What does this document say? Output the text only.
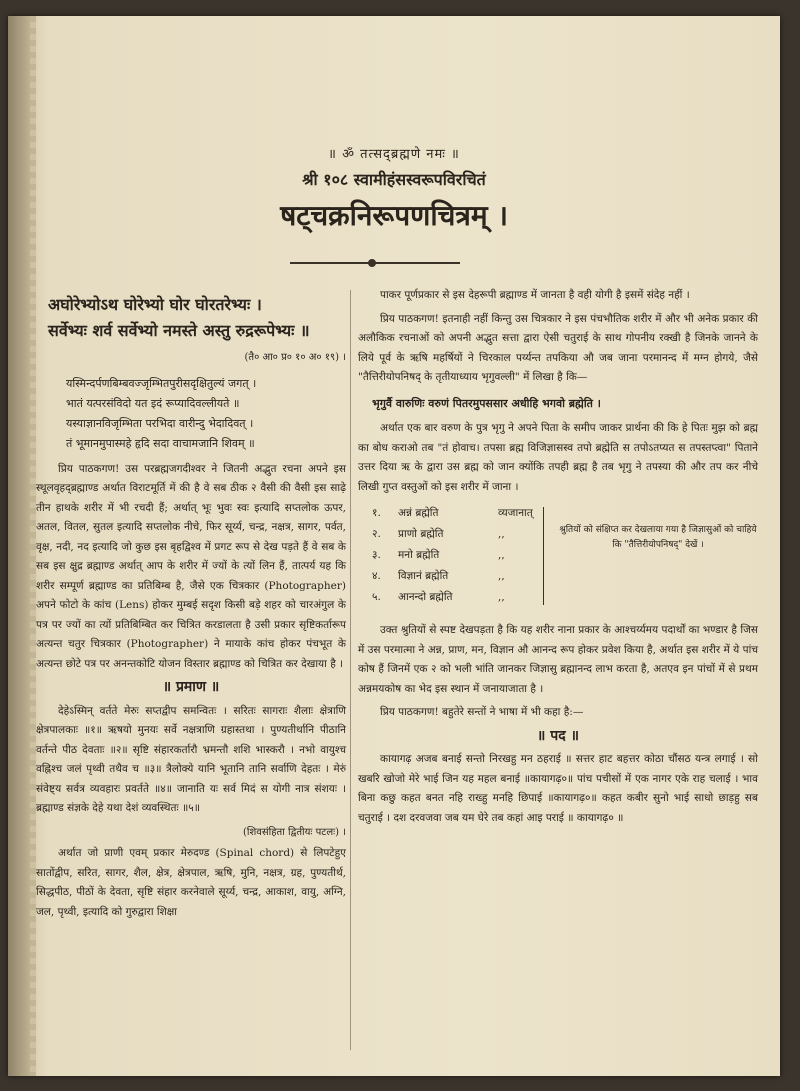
॥ ॐ तत्सद्ब्रह्मणे नमः ॥
श्री १०८ स्वामीहंसस्वरूपविरचितं
षट्चक्रनिरूपणचित्रम् ।
अघोरेभ्योऽथ घोरेभ्यो घोर घोरतरेभ्यः ।
सर्वेभ्यः शर्व सर्वेभ्यो नमस्ते अस्तु रुद्ररूपेभ्यः ॥
(तै० आ० प्र० १० अ० १९) ।
यस्मिन्दर्पणबिम्बवज्जृम्भितपुरीसदृक्षितुल्यं जगत् ।
भातं यत्परसंविदो यत इदं रूप्यादिवल्लीयते ॥
यस्याज्ञानविजृम्भिता परभिदा वारीन्दु भेदादिवत् ।
तं भूमानमुपास्महे हृदि सदा वाचामजानि शिवम् ॥

प्रिय पाठकगण! उस परब्रह्मजगदीश्वर ने जितनी अद्भुत रचना अपने इस स्थूलवृहद्ब्रह्माण्ड अर्थात विराटमूर्ति में की है वे सब ठीक २ वैसी की वैसी इस साढ़े तीन हाथके शरीर में भी रचदी हैं; अर्थात् भूः भुवः स्वः इत्यादि सप्तलोक ऊपर, अतल, वितल, सुतल इत्यादि सप्तलोक नीचे, फिर सूर्य्य, चन्द्र, नक्षत्र, सागर, पर्वत, वृक्ष, नदी, नद इत्यादि जो कुछ इस बृहद्विश्व में प्रगट रूप से देख पड़ते हैं वे सब के सब इस क्षुद्र ब्रह्माण्ड अर्थात् आप के शरीर में ज्यों के त्यों लिन हैं, तात्पर्य यह कि शरीर सम्पूर्ण ब्रह्माण्ड का प्रतिबिम्ब है, जैसे एक चित्रकार (Photographer) अपने फोटो के कांच (Lens) होकर मुम्बई सदृश किसी बड़े शहर को चारअंगुल के पत्र पर ज्यों का त्यों प्रतिबिम्बित कर चित्रित करडालता है उसी प्रकार सृष्टिकर्तारूप अत्यन्त चतुर चित्रकार (Photographer) ने मायाके कांच होकर पंचभूत के अत्यन्त छोटे पत्र पर अनन्तकोटि योजन विस्तार ब्रह्माण्ड को चित्रित कर देखाया है ।

॥ प्रमाण ॥

देहेऽस्मिन् वर्तते मेरुः सप्तद्वीप समन्वितः । सरितः सागराः शैलाः क्षेत्राणि क्षेत्रपालकाः ॥१॥ ऋषयो मुनयः सर्वे नक्षत्राणि ग्रहास्तथा । पुण्यतीर्थानि पीठानि वर्तन्ते पीठ देवताः ॥२॥ सृष्टि संहारकर्तारौ भ्रमन्तौ शशि भास्करौ । नभो वायुश्च वह्निश्च जलं पृथ्वी तथैव च ॥३॥ त्रैलोक्ये यानि भूतानि तानि सर्वाणि देहतः । मेरुं संवेष्ट्य सर्वत्र व्यवहारः प्रवर्तते ॥४॥ जानाति यः सर्व मिदं स योगी नात्र संशयः । ब्रह्माण्ड संज्ञके देहे यथा देशं व्यवस्थितः ॥५॥

(शिवसंहिता द्वितीयः पटलः) ।

अर्थात जो प्राणी एवम् प्रकार मेरुदण्ड (Spinal chord) से लिपटेहुए सातोंद्वीप, सरित, सागर, शैल, क्षेत्र, क्षेत्रपाल, ऋषि, मुनि, नक्षत्र, ग्रह, पुण्यतीर्थ, सिद्धपीठ, पीठों के देवता, सृष्टि संहार करनेवाले सूर्य्य, चन्द्र, आकाश, वायु, अग्नि, जल, पृथ्वी, इत्यादि को गुरुद्वारा शिक्षा

पाकर पूर्णप्रकार से इस देहरूपी ब्रह्माण्ड में जानता है वही योगी है इसमें संदेह नहीं ।

प्रिय पाठकगण! इतनाही नहीं किन्तु उस चित्रकार ने इस पंचभौतिक शरीर में और भी अनेक प्रकार की अलौकिक रचनाओं को अपनी अद्भुत सत्ता द्वारा ऐसी चतुराई के साथ गोपनीय रक्खी है जिनके जानने के लिये पूर्व के ऋषि महर्षियों ने चिरकाल पर्य्यन्त तपकिया औ जब जाना परमानन्द में मग्न होगये, जैसे "तैत्तिरीयोपनिषद् के तृतीयाध्याय भृगुवल्ली" में लिखा है कि—

भृगुर्वै वारुणिः वरुणं पितरमुपससार अधीहि भगवो ब्रह्मेति ।

अर्थात एक बार वरुण के पुत्र भृगु ने अपने पिता के समीप जाकर प्रार्थना की कि हे पितः मुझ को ब्रह्म का बोध कराओ तब "तं होवाच। तपसा ब्रह्म विजिज्ञासस्व तपो ब्रह्मेति स तपोऽतप्यत स तपस्तप्त्वा" पिताने उत्तर दिया ऋ के द्वारा उस ब्रह्म को जान क्योंकि तपही ब्रह्म है तब भृगु ने तपस्या की और तप कर नीचे लिखी गुप्त वस्तुओं को इस शरीर में जाना ।

१.	अन्नं ब्रह्मेति	व्यजानात्
२.	प्राणो ब्रह्मेति	,,
३.	मनो ब्रह्मेति	,,
४.	विज्ञानं ब्रह्मेति	,,
५.	आनन्दो ब्रह्मेति	,,
श्रुतियों को संक्षिप्त कर देखलाया गया है जिज्ञासुओं को चाहिये कि "तैत्तिरीयोपनिषद्" देखें ।

उक्त श्रुतियों से स्पष्ट देखपड़ता है कि यह शरीर नाना प्रकार के आश्चर्य्यमय पदार्थों का भण्डार है जिस में उस परमात्मा ने अन्न, प्राण, मन, विज्ञान औ आनन्द रूप होकर प्रवेश किया है, अर्थात इस शरीर में ये पांच कोष हैं जिनमें एक २ को भली भांति जानकर जिज्ञासु ब्रह्मानन्द लाभ करता है, अतएव इन पांचों में से प्रथम अन्नमयकोष का भेद इस स्थान में जनायाजाता है ।

प्रिय पाठकगण! बहुतेरे सन्तों ने भाषा में भी कहा है:—

॥ पद ॥

कायागढ़ अजब बनाई सन्तो निरखहु मन ठहराई ॥ सत्तर हाट बहत्तर कोठा चौंसठ यन्त्र लगाई । सो खबरि खोजो मेरे भाई जिन यह महल बनाई ॥कायागढ़०॥ पांच पचीसों में एक नागर एके राह चलाई । भाव बिना कछु कहत बनत नहि राख्हु मनहि छिपाई ॥कायागढ़०॥ कहत कबीर सुनो भाई साधो छाड़हु सब चतुराई । दश दरवजवा जब यम घेरे तब कहां आइ पराई ॥ कायागढ़० ॥
